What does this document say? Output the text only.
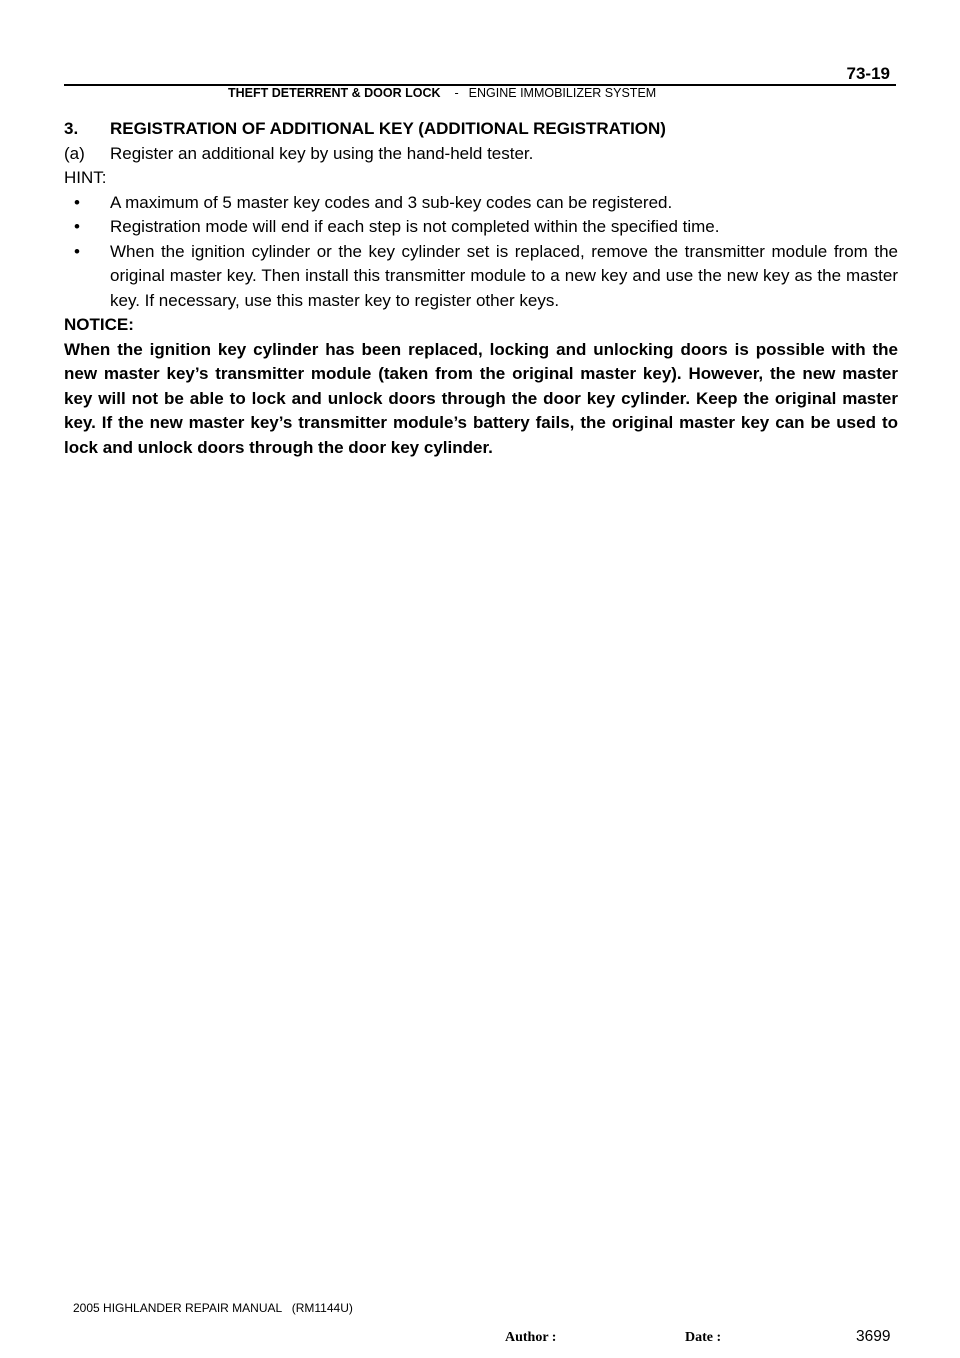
73-19
THEFT DETERRENT & DOOR LOCK - ENGINE IMMOBILIZER SYSTEM
3.	REGISTRATION OF ADDITIONAL KEY (ADDITIONAL REGISTRATION)
(a)	Register an additional key by using the hand-held tester.
HINT:
•	A maximum of 5 master key codes and 3 sub-key codes can be registered.
•	Registration mode will end if each step is not completed within the specified time.
•	When the ignition cylinder or the key cylinder set is replaced, remove the transmitter module from the original master key. Then install this transmitter module to a new key and use the new key as the master key. If necessary, use this master key to register other keys.
NOTICE:
When the ignition key cylinder has been replaced, locking and unlocking doors is possible with the new master key’s transmitter module (taken from the original master key). However, the new master key will not be able to lock and unlock doors through the door key cylinder. Keep the original master key. If the new master key’s transmitter module’s battery fails, the original master key can be used to lock and unlock doors through the door key cylinder.
2005 HIGHLANDER REPAIR MANUAL   (RM1144U)
Author :	Date :	3699
